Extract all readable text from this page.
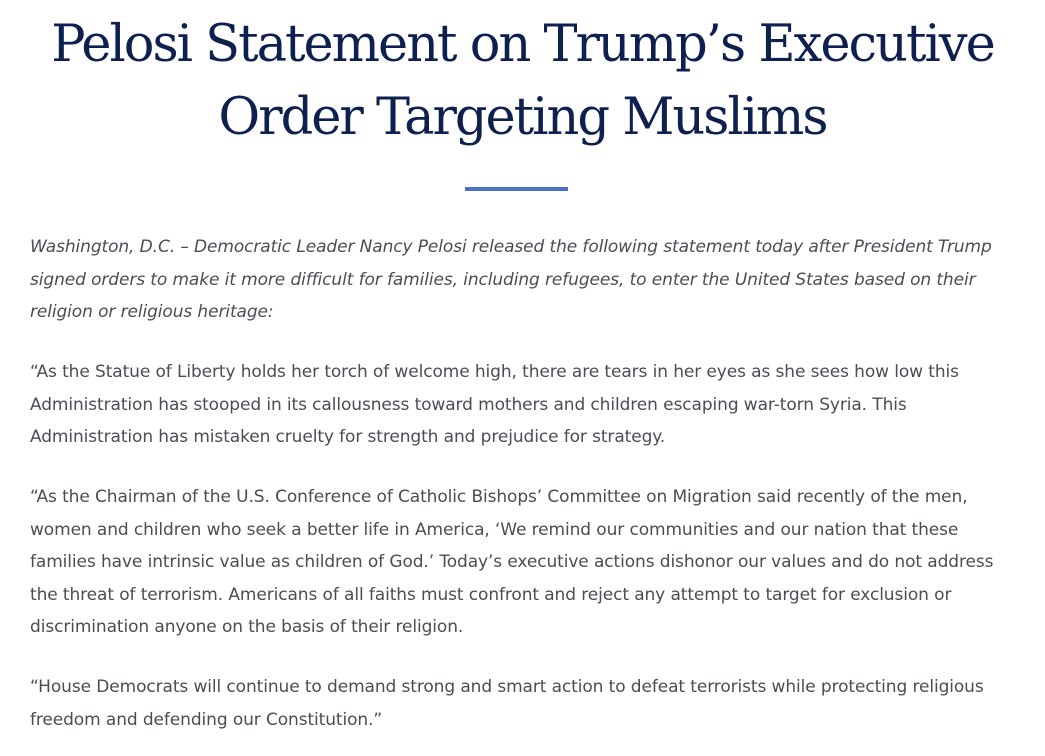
Pelosi Statement on Trump’s Executive Order Targeting Muslims

Washington, D.C. – Democratic Leader Nancy Pelosi released the following statement today after President Trump signed orders to make it more difficult for families, including refugees, to enter the United States based on their religion or religious heritage:

“As the Statue of Liberty holds her torch of welcome high, there are tears in her eyes as she sees how low this Administration has stooped in its callousness toward mothers and children escaping war-torn Syria. This Administration has mistaken cruelty for strength and prejudice for strategy.

“As the Chairman of the U.S. Conference of Catholic Bishops’ Committee on Migration said recently of the men, women and children who seek a better life in America, ‘We remind our communities and our nation that these families have intrinsic value as children of God.’ Today’s executive actions dishonor our values and do not address the threat of terrorism. Americans of all faiths must confront and reject any attempt to target for exclusion or discrimination anyone on the basis of their religion.

“House Democrats will continue to demand strong and smart action to defeat terrorists while protecting religious freedom and defending our Constitution.”
